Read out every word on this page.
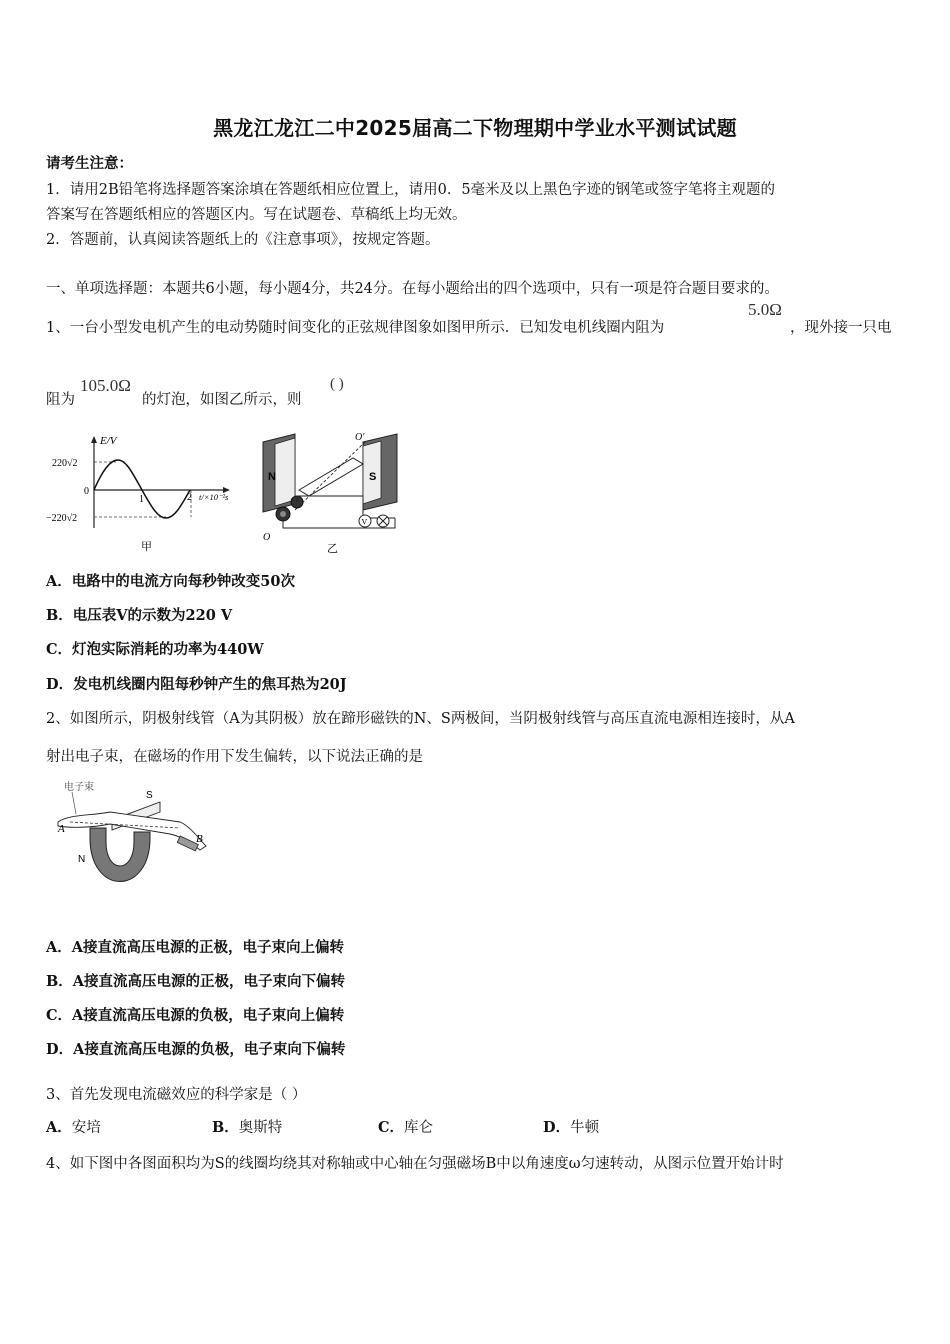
黑龙江龙江二中2025届高二下物理期中学业水平测试试题
请考生注意：
1．请用2B铅笔将选择题答案涂填在答题纸相应位置上，请用0．5毫米及以上黑色字迹的钢笔或签字笔将主观题的
答案写在答题纸相应的答题区内。写在试题卷、草稿纸上均无效。
2．答题前，认真阅读答题纸上的《注意事项》，按规定答题。
一、单项选择题：本题共6小题，每小题4分，共24分。在每小题给出的四个选项中，只有一项是符合题目要求的。
1、一台小型发电机产生的电动势随时间变化的正弦规律图象如图甲所示．已知发电机线圈内阻为
5.0Ω
，现外接一只电
阻为
105.0Ω
的灯泡，如图乙所示，则
( )
E/V
220√2
0
−220√2
1	2 t/×10⁻²s
甲
V
N	S
O′
O
乙
A．电路中的电流方向每秒钟改变50次
B．电压表V的示数为220 V
C．灯泡实际消耗的功率为440W
D．发电机线圈内阻每秒钟产生的焦耳热为20J
2、如图所示，阴极射线管（A为其阴极）放在蹄形磁铁的N、S两极间，当阴极射线管与高压直流电源相连接时，从A
射出电子束，在磁场的作用下发生偏转，以下说法正确的是
电子束
A
B
S
N
A．A接直流高压电源的正极，电子束向上偏转
B．A接直流高压电源的正极，电子束向下偏转
C．A接直流高压电源的负极，电子束向上偏转
D．A接直流高压电源的负极，电子束向下偏转
3、首先发现电流磁效应的科学家是（ ）
A．安培	B．奥斯特	C．库仑	D．牛顿
4、如下图中各图面积均为S的线圈均绕其对称轴或中心轴在匀强磁场B中以角速度ω匀速转动，从图示位置开始计时
